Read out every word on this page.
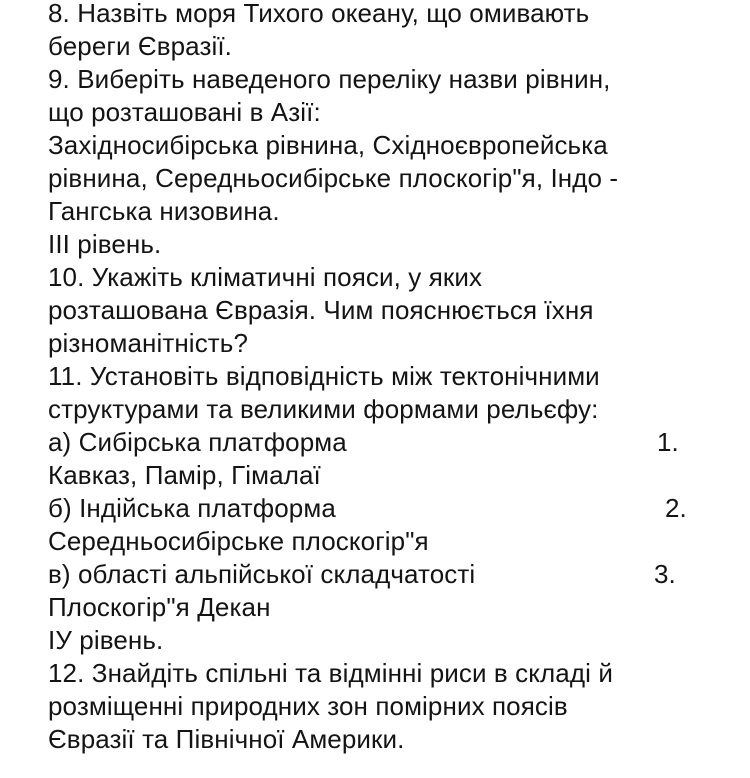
8. Назвіть моря Тихого океану, що омивають
береги Євразії.
9. Виберіть наведеного переліку назви рівнин,
що розташовані в Азії:
Західносибірська рівнина, Східноєвропейська
рівнина, Середньосибірське плоскогір"я, Індо -
Гангська низовина.
ІІІ рівень.
10. Укажіть кліматичні пояси, у яких
розташована Євразія. Чим пояснюється їхня
різноманітність?
11. Установіть відповідність між тектонічними
структурами та великими формами рельєфу:
а) Сибірська платформа	1.
Кавказ, Памір, Гімалаї
б) Індійська платформа	2.
Середньосибірське плоскогір"я
в) області альпійської складчатості	3.
Плоскогір"я Декан
ІУ рівень.
12. Знайдіть спільні та відмінні риси в складі й
розміщенні природних зон помірних поясів
Євразії та Північної Америки.
